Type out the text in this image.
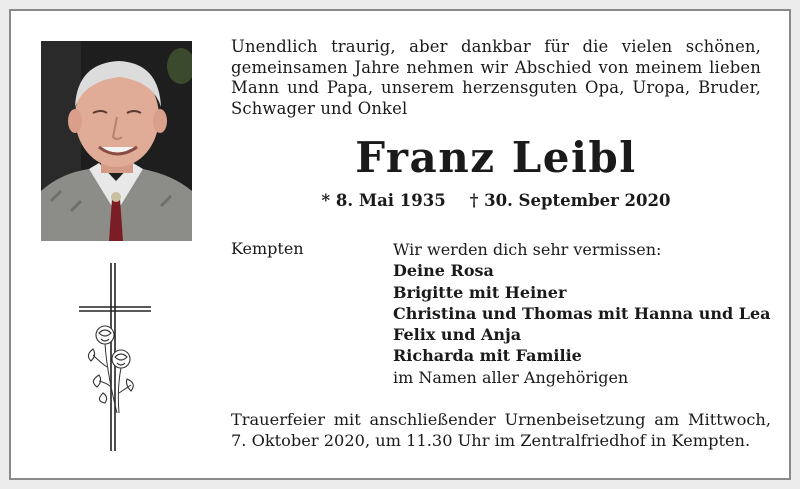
Unendlich traurig, aber dankbar für die vielen schönen, gemeinsamen Jahre nehmen wir Abschied von meinem lieben Mann und Papa, unserem herzensguten Opa, Uropa, Bruder, Schwager und Onkel
Franz Leibl
* 8. Mai 1935 † 30. September 2020
Kempten	Wir werden dich sehr vermissen:
Deine Rosa
Brigitte mit Heiner
Christina und Thomas mit Hanna und Lea
Felix und Anja
Richarda mit Familie
im Namen aller Angehörigen
Trauerfeier mit anschließender Urnenbeisetzung am Mittwoch, 7. Oktober 2020, um 11.30 Uhr im Zentralfriedhof in Kempten.
